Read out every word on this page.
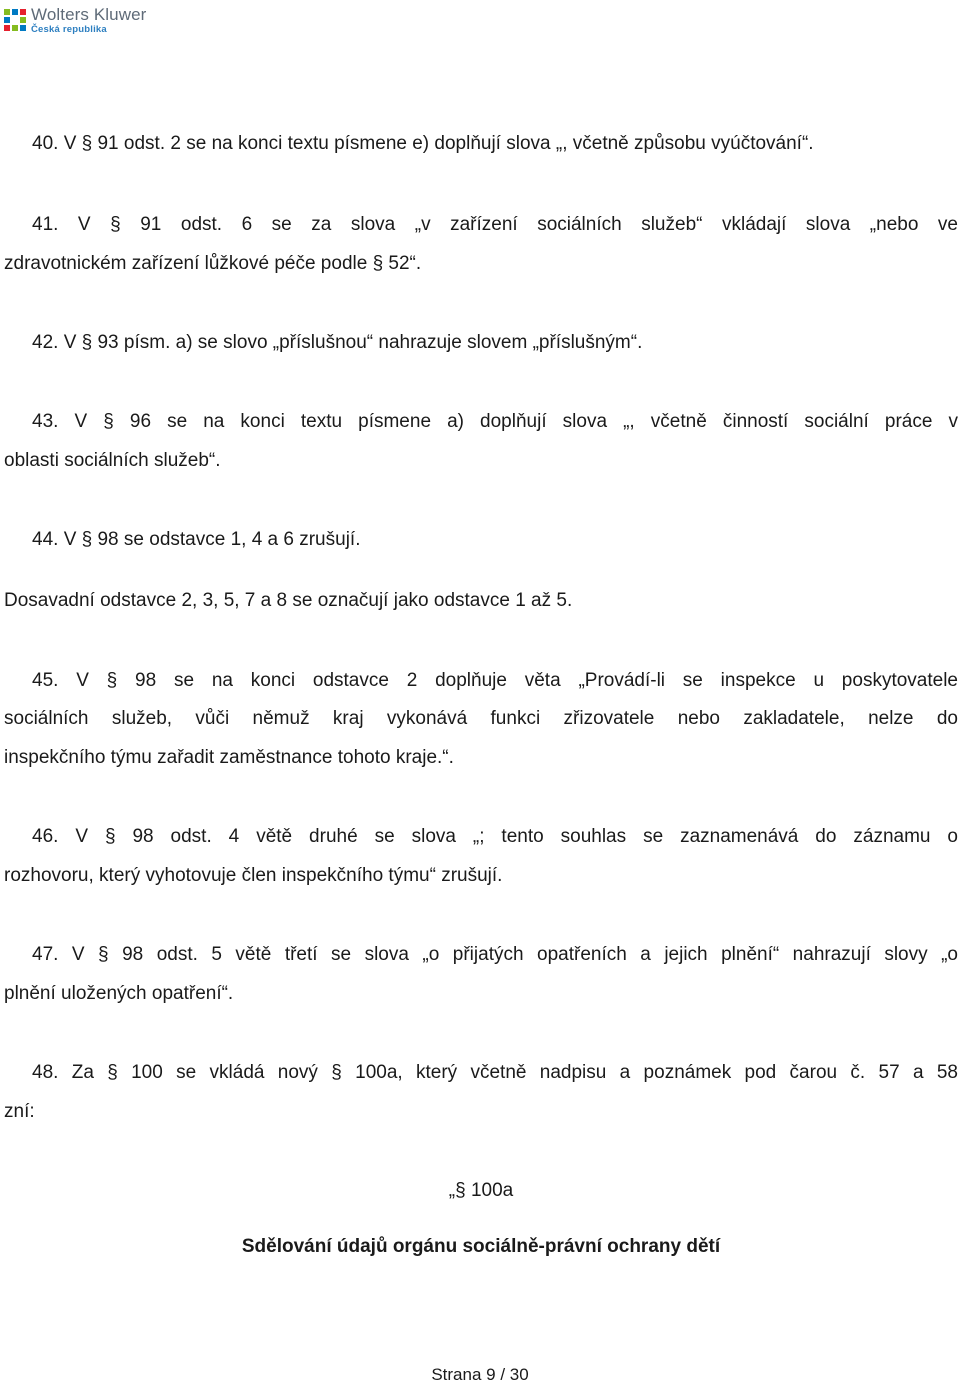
Wolters Kluwer
Česká republika
40. V § 91 odst. 2 se na konci textu písmene e) doplňují slova „, včetně způsobu vyúčtování“.
41. V § 91 odst. 6 se za slova „v zařízení sociálních služeb“ vkládají slova „nebo ve
zdravotnickém zařízení lůžkové péče podle § 52“.
42. V § 93 písm. a) se slovo „příslušnou“ nahrazuje slovem „příslušným“.
43. V § 96 se na konci textu písmene a) doplňují slova „, včetně činností sociální práce v
oblasti sociálních služeb“.
44. V § 98 se odstavce 1, 4 a 6 zrušují.
Dosavadní odstavce 2, 3, 5, 7 a 8 se označují jako odstavce 1 až 5.
45. V § 98 se na konci odstavce 2 doplňuje věta „Provádí-li se inspekce u poskytovatele
sociálních služeb, vůči němuž kraj vykonává funkci zřizovatele nebo zakladatele, nelze do
inspekčního týmu zařadit zaměstnance tohoto kraje.“.
46. V § 98 odst. 4 větě druhé se slova „; tento souhlas se zaznamenává do záznamu o
rozhovoru, který vyhotovuje člen inspekčního týmu“ zrušují.
47. V § 98 odst. 5 větě třetí se slova „o přijatých opatřeních a jejich plnění“ nahrazují slovy „o
plnění uložených opatření“.
48. Za § 100 se vkládá nový § 100a, který včetně nadpisu a poznámek pod čarou č. 57 a 58
zní:
„§ 100a
Sdělování údajů orgánu sociálně-právní ochrany dětí
Strana 9 / 30
